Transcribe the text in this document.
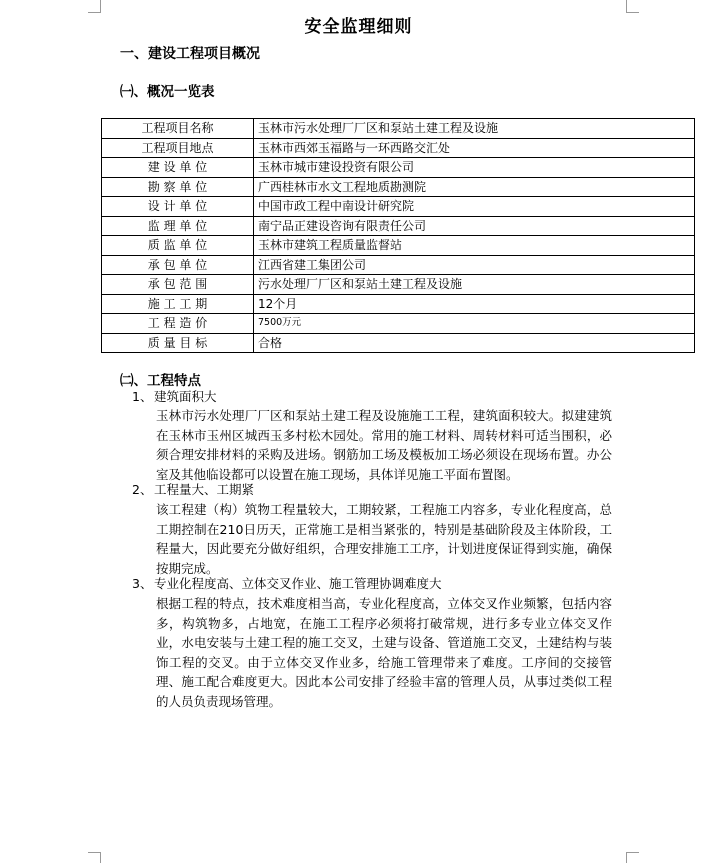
安全监理细则
一、建设工程项目概况
㈠、概况一览表
工程项目名称	玉林市污水处理厂厂区和泵站土建工程及设施
工程项目地点	玉林市西郊玉福路与一环西路交汇处
建 设 单 位	玉林市城市建设投资有限公司
勘 察 单 位	广西桂林市水文工程地质勘测院
设 计 单 位	中国市政工程中南设计研究院
监 理 单 位	南宁品正建设咨询有限责任公司
质 监 单 位	玉林市建筑工程质量监督站
承 包 单 位	江西省建工集团公司
承 包 范 围	污水处理厂厂区和泵站土建工程及设施
施 工 工 期	12个月
工 程 造 价	7500万元
质 量 目 标	合格
㈡、工程特点
1、 建筑面积大
玉林市污水处理厂厂区和泵站土建工程及设施施工工程，建筑面积较大。拟建建筑在玉林市玉州区城西玉多村松木园处。常用的施工材料、周转材料可适当围积，必须合理安排材料的采购及进场。钢筋加工场及模板加工场必须设在现场布置。办公室及其他临设都可以设置在施工现场，具体详见施工平面布置图。
2、 工程量大、工期紧
该工程建（构）筑物工程量较大，工期较紧，工程施工内容多，专业化程度高，总工期控制在210日历天，正常施工是相当紧张的，特别是基础阶段及主体阶段，工程量大，因此要充分做好组织，合理安排施工工序，计划进度保证得到实施，确保按期完成。
3、 专业化程度高、立体交叉作业、施工管理协调难度大
根据工程的特点，技术难度相当高，专业化程度高，立体交叉作业频繁，包括内容多，构筑物多，占地宽，在施工工程序必须将打破常规，进行多专业立体交叉作业，水电安装与土建工程的施工交叉，土建与设备、管道施工交叉，土建结构与装饰工程的交叉。由于立体交叉作业多，给施工管理带来了难度。工序间的交接管理、施工配合难度更大。因此本公司安排了经验丰富的管理人员，从事过类似工程的人员负责现场管理。
